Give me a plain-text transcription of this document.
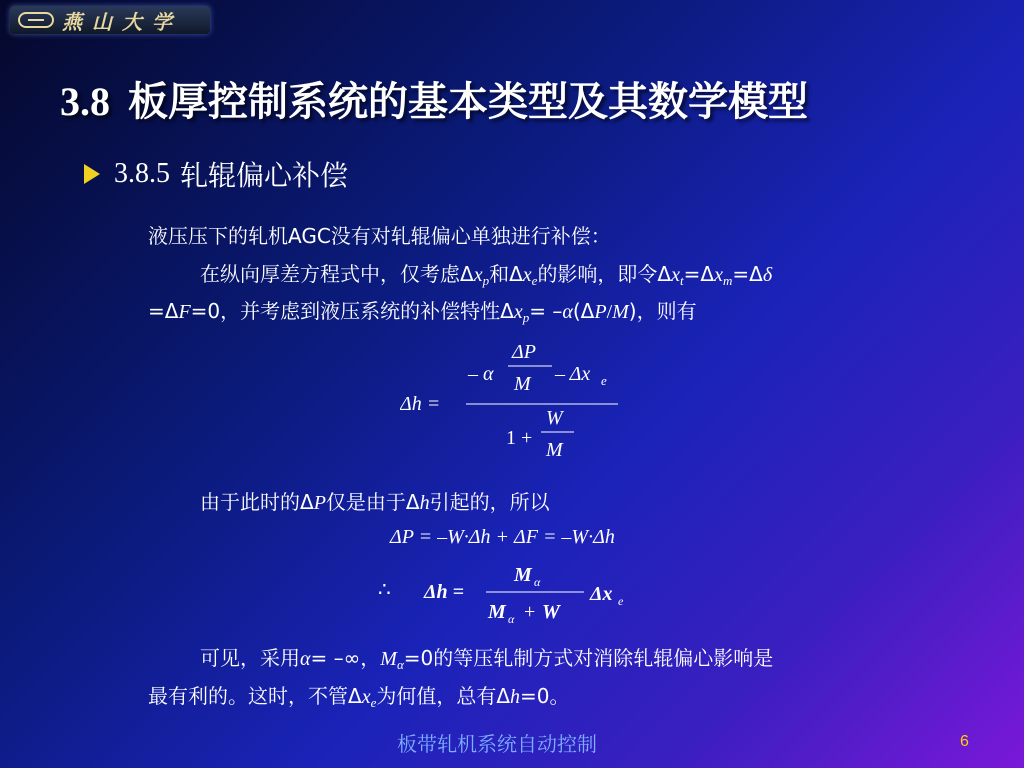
燕山大学
3.8 板厚控制系统的基本类型及其数学模型
3.8.5 轧辊偏心补偿
液压压下的轧机AGC没有对轧辊偏心单独进行补偿：
在纵向厚差方程式中，仅考虑$\Delta x_p$和$\Delta x_e$的影响，即令$\Delta x_t=\Delta x_m=\Delta\delta$
=ΔF=0，并考虑到液压系统的补偿特性$\Delta x_p= -\alpha(\Delta P/M)$，则有
Δh =
– α
ΔP
M – Δx e
1 +
W
M
由于此时的ΔP仅是由于Δh引起的，所以
ΔP = –W·Δh + ΔF = –W·Δh
∴ Δh =
M α
M α + W
Δx e
可见，采用α= –∞，$M_\alpha=0$的等压轧制方式对消除轧辊偏心影响是
最有利的。这时，不管$\Delta x_e$为何值，总有Δh=0。
板带轧机系统自动控制	6
